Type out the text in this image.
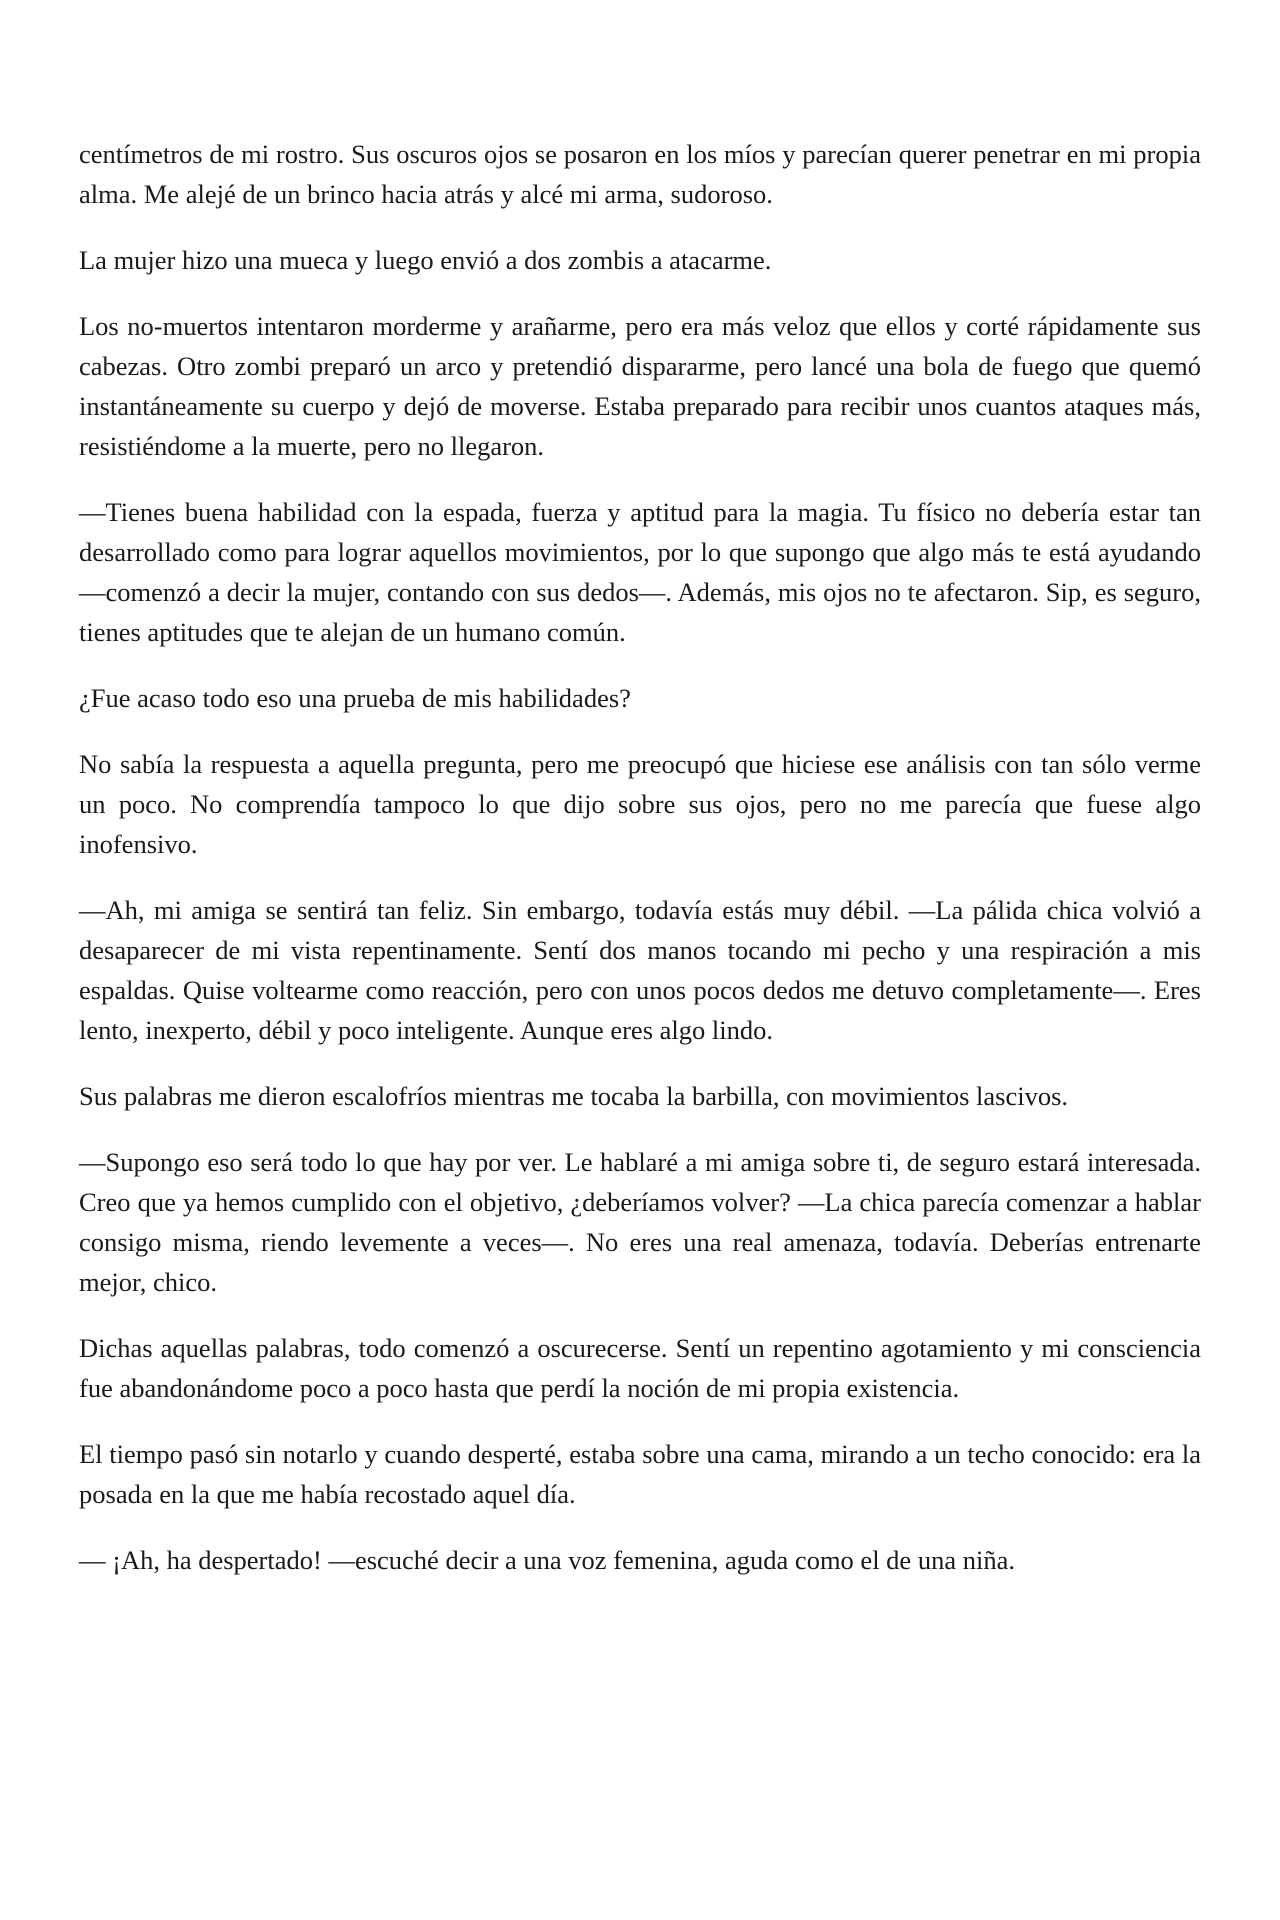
centímetros de mi rostro. Sus oscuros ojos se posaron en los míos y parecían querer penetrar en mi propia alma. Me alejé de un brinco hacia atrás y alcé mi arma, sudoroso.

La mujer hizo una mueca y luego envió a dos zombis a atacarme.

Los no-muertos intentaron morderme y arañarme, pero era más veloz que ellos y corté rápidamente sus cabezas. Otro zombi preparó un arco y pretendió dispararme, pero lancé una bola de fuego que quemó instantáneamente su cuerpo y dejó de moverse. Estaba preparado para recibir unos cuantos ataques más, resistiéndome a la muerte, pero no llegaron.

—Tienes buena habilidad con la espada, fuerza y aptitud para la magia. Tu físico no debería estar tan desarrollado como para lograr aquellos movimientos, por lo que supongo que algo más te está ayudando —comenzó a decir la mujer, contando con sus dedos—. Además, mis ojos no te afectaron. Sip, es seguro, tienes aptitudes que te alejan de un humano común.

¿Fue acaso todo eso una prueba de mis habilidades?

No sabía la respuesta a aquella pregunta, pero me preocupó que hiciese ese análisis con tan sólo verme un poco. No comprendía tampoco lo que dijo sobre sus ojos, pero no me parecía que fuese algo inofensivo.

—Ah, mi amiga se sentirá tan feliz. Sin embargo, todavía estás muy débil. —La pálida chica volvió a desaparecer de mi vista repentinamente. Sentí dos manos tocando mi pecho y una respiración a mis espaldas. Quise voltearme como reacción, pero con unos pocos dedos me detuvo completamente—. Eres lento, inexperto, débil y poco inteligente. Aunque eres algo lindo.

Sus palabras me dieron escalofríos mientras me tocaba la barbilla, con movimientos lascivos.

—Supongo eso será todo lo que hay por ver. Le hablaré a mi amiga sobre ti, de seguro estará interesada. Creo que ya hemos cumplido con el objetivo, ¿deberíamos volver? —La chica parecía comenzar a hablar consigo misma, riendo levemente a veces—. No eres una real amenaza, todavía. Deberías entrenarte mejor, chico.

Dichas aquellas palabras, todo comenzó a oscurecerse. Sentí un repentino agotamiento y mi consciencia fue abandonándome poco a poco hasta que perdí la noción de mi propia existencia.

El tiempo pasó sin notarlo y cuando desperté, estaba sobre una cama, mirando a un techo conocido: era la posada en la que me había recostado aquel día.

— ¡Ah, ha despertado! —escuché decir a una voz femenina, aguda como el de una niña.
